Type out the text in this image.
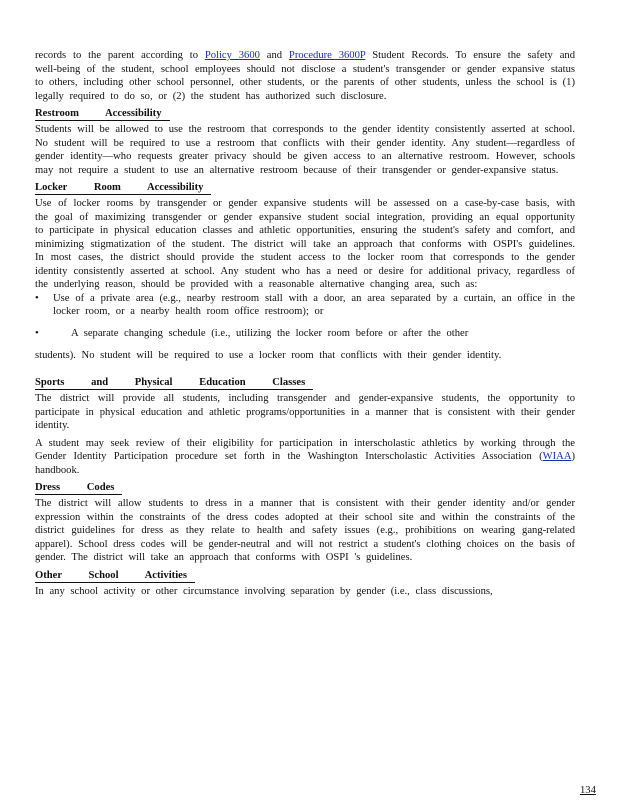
records to the parent according to Policy 3600 and Procedure 3600P Student Records. To ensure the safety and well-being of the student, school employees should not disclose a student's transgender or gender expansive status to others, including other school personnel, other students, or the parents of other students, unless the school is (1) legally required to do so, or (2) the student has authorized such disclosure.

Restroom Accessibility

Students will be allowed to use the restroom that corresponds to the gender identity consistently asserted at school. No student will be required to use a restroom that conflicts with their gender identity. Any student—regardless of gender identity—who requests greater privacy should be given access to an alternative restroom. However, schools may not require a student to use an alternative restroom because of their transgender or gender-expansive status.

Locker Room Accessibility

Use of locker rooms by transgender or gender expansive students will be assessed on a case-by-case basis, with the goal of maximizing transgender or gender expansive student social integration, providing an equal opportunity to participate in physical education classes and athletic opportunities, ensuring the student's safety and comfort, and minimizing stigmatization of the student. The district will take an approach that conforms with OSPI's guidelines. In most cases, the district should provide the student access to the locker room that corresponds to the gender identity consistently asserted at school. Any student who has a need or desire for additional privacy, regardless of the underlying reason, should be provided with a reasonable alternative changing area, such as:

• Use of a private area (e.g., nearby restroom stall with a door, an area separated by a curtain, an office in the locker room, or a nearby health room office restroom); or
•	A separate changing schedule (i.e., utilizing the locker room before or after the other

students). No student will be required to use a locker room that conflicts with their gender identity.

Sports and Physical Education Classes

The district will provide all students, including transgender and gender-expansive students, the opportunity to participate in physical education and athletic programs/opportunities in a manner that is consistent with their gender identity.

A student may seek review of their eligibility for participation in interscholastic athletics by working through the Gender Identity Participation procedure set forth in the Washington Interscholastic Activities Association (WIAA) handbook.

Dress Codes

The district will allow students to dress in a manner that is consistent with their gender identity and/or gender expression within the constraints of the dress codes adopted at their school site and within the constraints of the district guidelines for dress as they relate to health and safety issues (e.g., prohibitions on wearing gang-related apparel). School dress codes will be gender-neutral and will not restrict a student's clothing choices on the basis of gender. The district will take an approach that conforms with OSPI 's guidelines.

Other School Activities

In any school activity or other circumstance involving separation by gender (i.e., class discussions,

134
